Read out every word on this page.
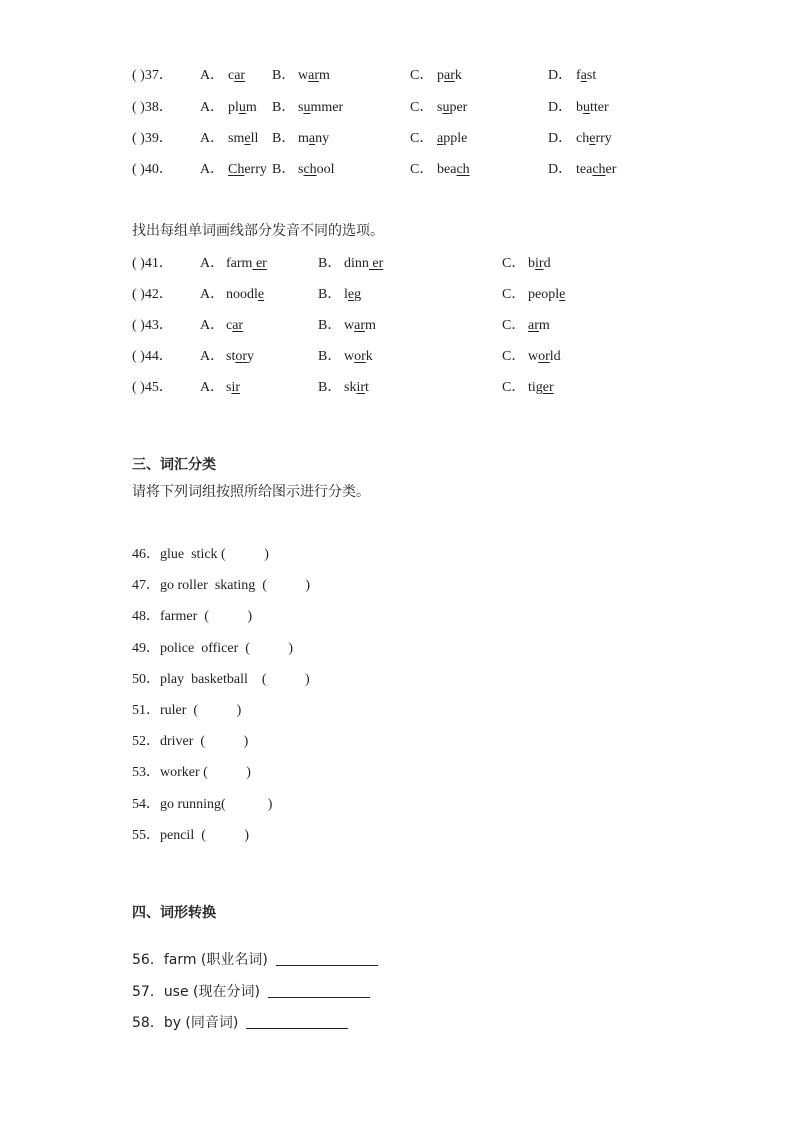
( )37． A． car B． warm	C． park	D． fast
( )38． A． plum B． summer	C． super	D． butter
( )39． A． smell B． many	C． apple	D． cherry
( )40． A． Cherry B． school	C． beach	D． teacher
找出每组单词画线部分发音不同的选项。
( )41． A． farm er	B． dinn er	C． bird
( )42． A． noodle	B． leg	C． people
( )43． A． car	B． warm	C． arm
( )44． A． story	B． work	C． world
( )45． A． sir	B． skirt	C． tiger
三、词汇分类
请将下列词组按照所给图示进行分类。
46．glue  stick (           )
47．go roller  skating  (           )
48．farmer  (           )
49．police  officer  (           )
50．play  basketball    (           )
51．ruler  (           )
52．driver  (           )
53．worker (           )
54．go running(            )
55．pencil  (           )
四、词形转换
56．farm (职业名词)
57．use (现在分词)
58．by (同音词)
